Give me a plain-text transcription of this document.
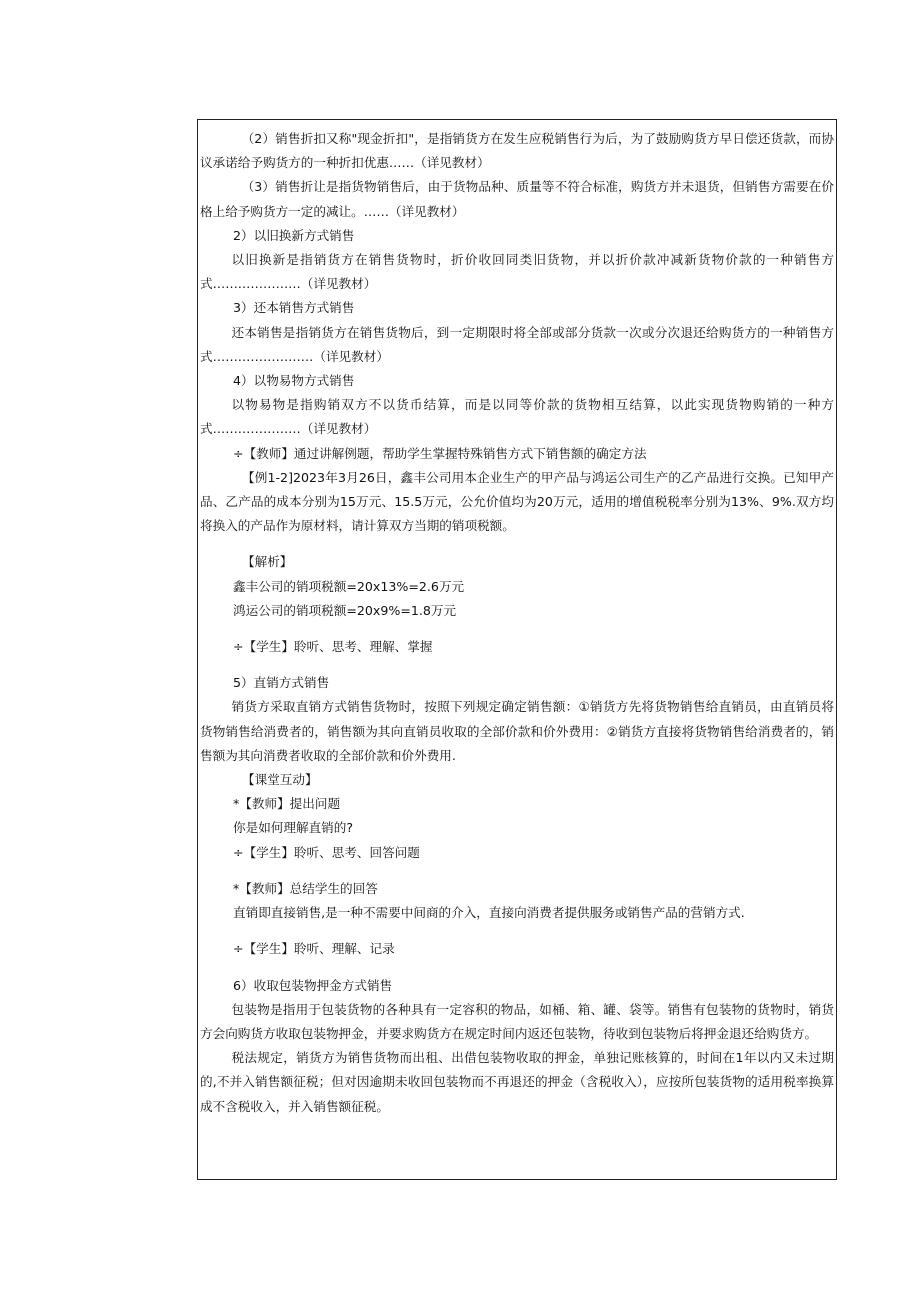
（2）销售折扣又称"现金折扣"，是指销货方在发生应税销售行为后，为了鼓励购货方早日偿还货款，而协议承诺给予购货方的一种折扣优惠……（详见教材）

（3）销售折让是指货物销售后，由于货物品种、质量等不符合标准，购货方并未退货，但销售方需要在价格上给予购货方一定的减让。……（详见教材）

2）以旧换新方式销售

以旧换新是指销货方在销售货物时，折价收回同类旧货物，并以折价款冲减新货物价款的一种销售方式…………………（详见教材）

3）还本销售方式销售

还本销售是指销货方在销售货物后，到一定期限时将全部或部分货款一次或分次退还给购货方的一种销售方式……………………（详见教材）

4）以物易物方式销售

以物易物是指购销双方不以货币结算，而是以同等价款的货物相互结算，以此实现货物购销的一种方式…………………（详见教材）

÷【教师】通过讲解例题，帮助学生掌握特殊销售方式下销售额的确定方法

【例1-2]2023年3月26日，鑫丰公司用本企业生产的甲产品与鸿运公司生产的乙产品进行交换。已知甲产品、乙产品的成本分别为15万元、15.5万元，公允价值均为20万元，适用的增值税税率分别为13%、9%.双方均将换入的产品作为原材料，请计算双方当期的销项税额。

【解析】

鑫丰公司的销项税额=20x13%=2.6万元

鸿运公司的销项税额=20x9%=1.8万元

÷【学生】聆听、思考、理解、掌握

5）直销方式销售

销货方采取直销方式销售货物时，按照下列规定确定销售额：①销货方先将货物销售给直销员，由直销员将货物销售给消费者的，销售额为其向直销员收取的全部价款和价外费用：②销货方直接将货物销售给消费者的，销售额为其向消费者收取的全部价款和价外费用.

【课堂互动】

*【教师】提出问题

你是如何理解直销的?

÷【学生】聆听、思考、回答问题

*【教师】总结学生的回答

直销即直接销售,是一种不需要中间商的介入，直接向消费者提供服务或销售产品的营销方式.

÷【学生】聆听、理解、记录

6）收取包装物押金方式销售

包装物是指用于包装货物的各种具有一定容积的物品，如桶、箱、罐、袋等。销售有包装物的货物时，销货方会向购货方收取包装物押金，并要求购货方在规定时间内返还包装物，待收到包装物后将押金退还给购货方。

税法规定，销货方为销售货物而出租、出借包装物收取的押金，单独记账核算的，时间在1年以内又未过期的,不并入销售额征税；但对因逾期未收回包装物而不再退还的押金（含税收入），应按所包装货物的适用税率换算成不含税收入，并入销售额征税。
